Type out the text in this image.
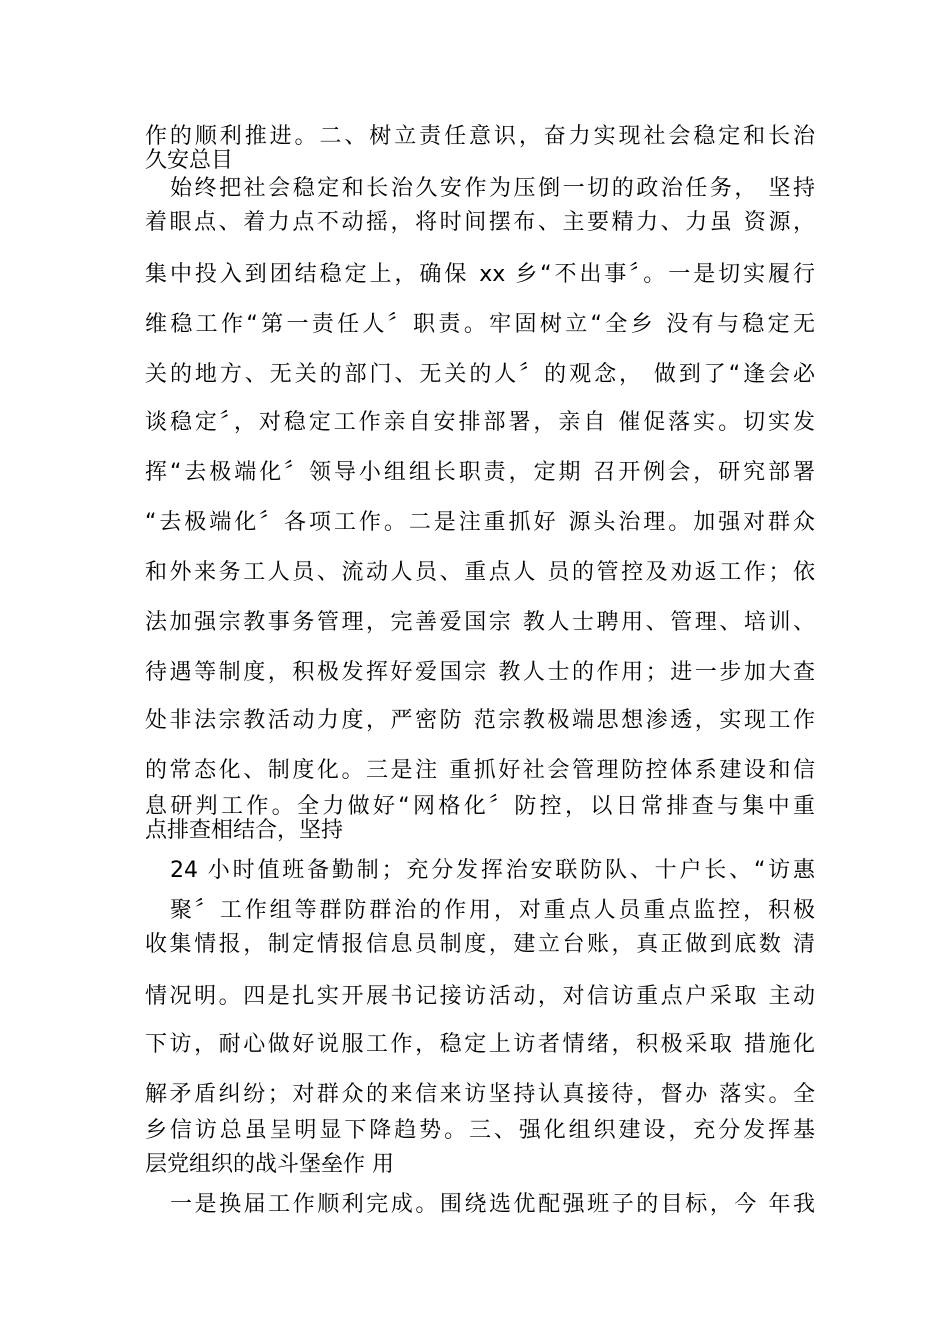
作的顺利推进。二、树立责任意识，奋力实现社会稳定和长治
久安总目
始终把社会稳定和长治久安作为压倒一切的政治任务， 坚持
着眼点、着力点不动摇，将时间摆布、主要精力、力虽 资源，
集中投入到团结稳定上，确保 xx 乡“不出事〞。一是切实履行
维稳工作“第一责任人〞职责。牢固树立“全乡 没有与稳定无
关的地方、无关的部门、无关的人〞的观念， 做到了“逢会必
谈稳定〞，对稳定工作亲自安排部署，亲自 催促落实。切实发
挥“去极端化〞领导小组组长职责，定期 召开例会，研究部署
“去极端化〞各项工作。二是注重抓好 源头治理。加强对群众
和外来务工人员、流动人员、重点人 员的管控及劝返工作；依
法加强宗教事务管理，完善爱国宗 教人士聘用、管理、培训、
待遇等制度，积极发挥好爱国宗 教人士的作用；进一步加大查
处非法宗教活动力度，严密防 范宗教极端思想渗透，实现工作
的常态化、制度化。三是注 重抓好社会管理防控体系建设和信
息研判工作。全力做好“网格化〞防控，以日常排查与集中重
点排查相结合，坚持
24 小时值班备勤制；充分发挥治安联防队、十户长、“访惠
聚〞工作组等群防群治的作用，对重点人员重点监控，积极
收集情报，制定情报信息员制度，建立台账，真正做到底数 清
情况明。四是扎实开展书记接访活动，对信访重点户采取 主动
下访，耐心做好说服工作，稳定上访者情绪，积极采取 措施化
解矛盾纠纷；对群众的来信来访坚持认真接待，督办 落实。全
乡信访总虽呈明显下降趋势。三、强化组织建设，充分发挥基
层党组织的战斗堡垒作 用
一是换届工作顺利完成。围绕选优配强班子的目标，今 年我
